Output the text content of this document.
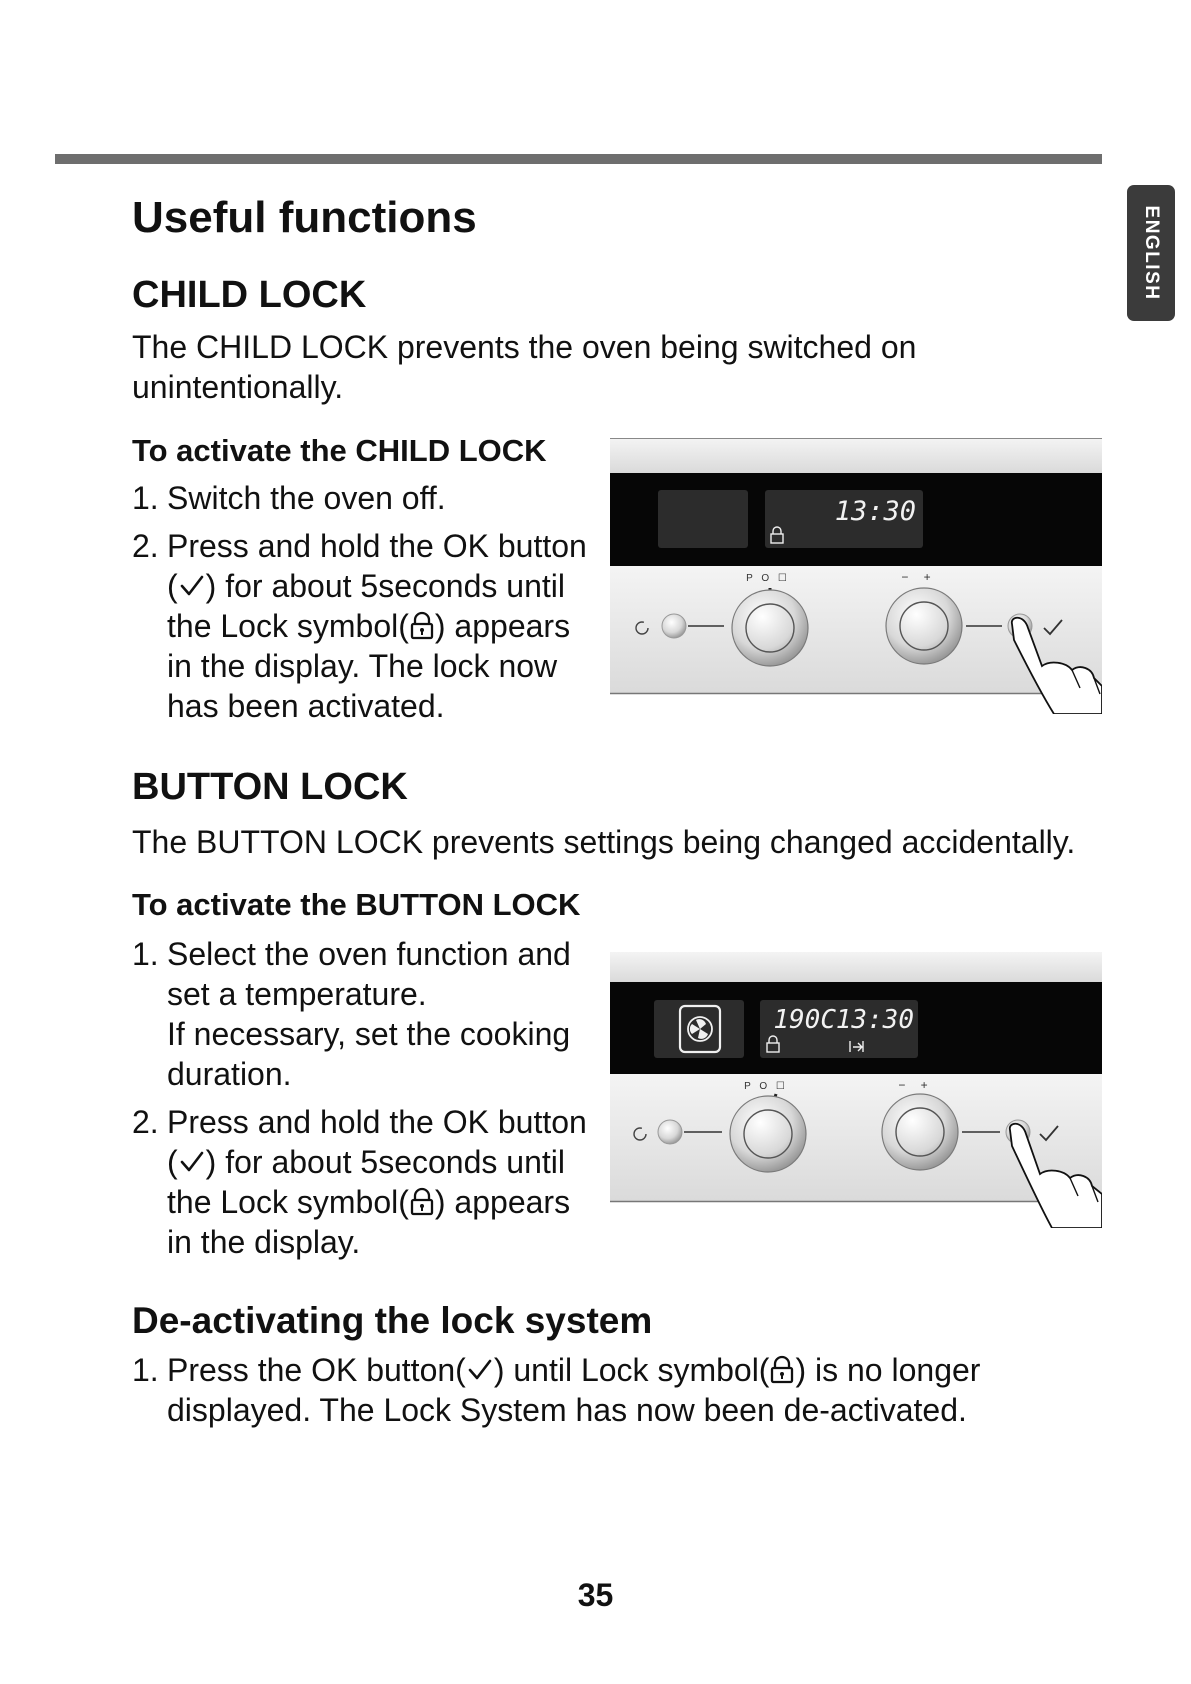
ENGLISH
Useful functions
CHILD LOCK
The CHILD LOCK prevents the oven being switched on unintentionally.
To activate the CHILD LOCK
1. Switch the oven off.
2. Press and hold the OK button ( ) for about 5seconds until the Lock symbol( ) appears in the display. The lock now has been activated.
13:30
P O ☐	− +
BUTTON LOCK
The BUTTON LOCK prevents settings being changed accidentally.
To activate the BUTTON LOCK
1. Select the oven function and set a temperature.
If necessary, set the cooking duration.
2. Press and hold the OK button ( ) for about 5seconds until the Lock symbol( ) appears in the display.
190C 13:30
P O ☐	− +
De-activating the lock system
1. Press the OK button( ) until Lock symbol( ) is no longer displayed. The Lock System has now been de-activated.
35
